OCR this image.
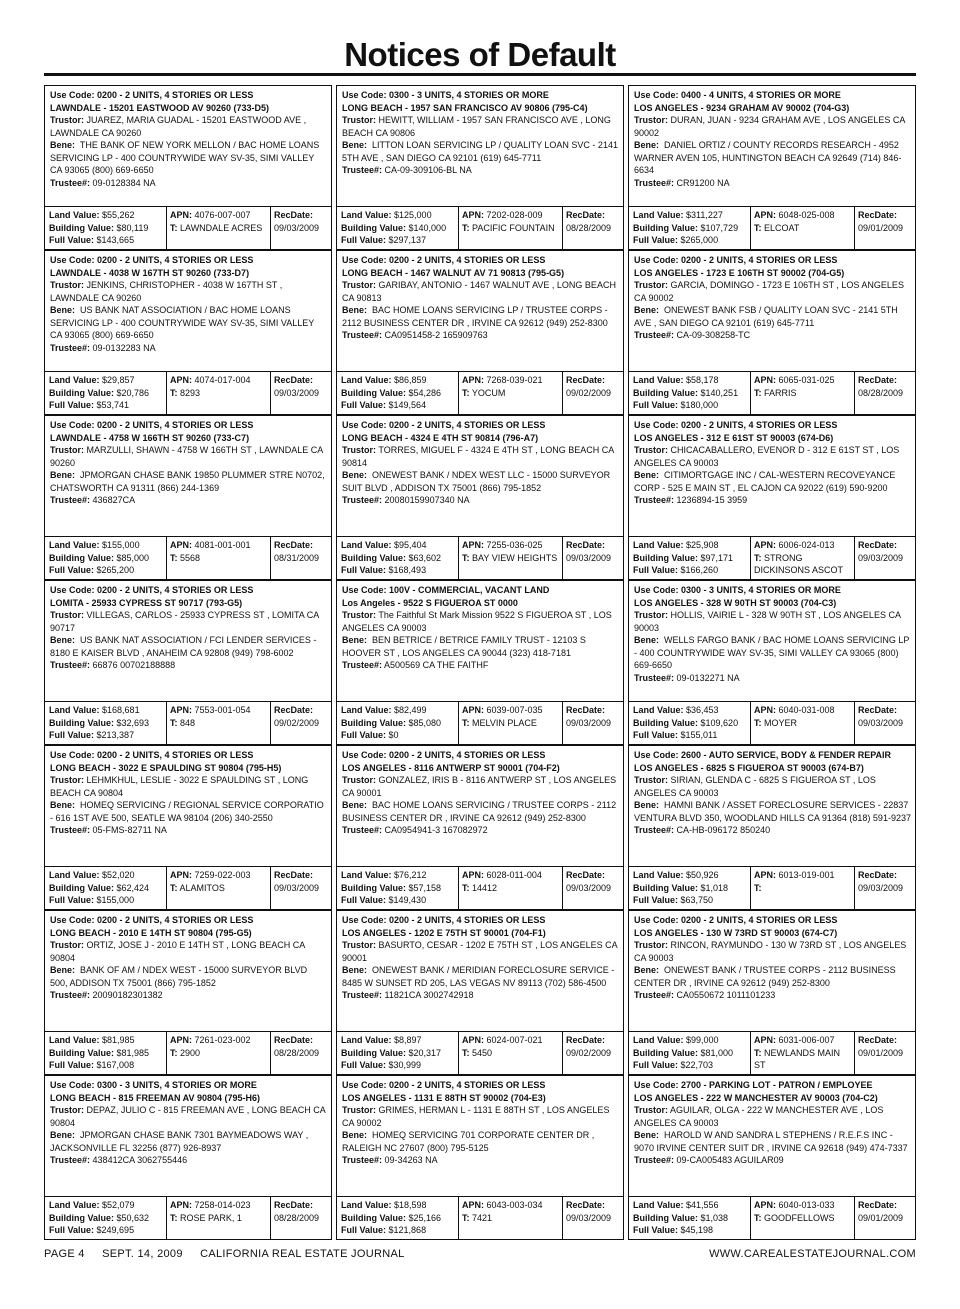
Notices of Default
Use Code: 0200 - 2 UNITS, 4 STORIES OR LESS
LAWNDALE - 15201 EASTWOOD AV 90260 (733-D5)
Trustor: JUAREZ, MARIA GUADAL - 15201 EASTWOOD AVE , LAWNDALE CA 90260
Bene: THE BANK OF NEW YORK MELLON / BAC HOME LOANS SERVICING LP - 400 COUNTRYWIDE WAY SV-35, SIMI VALLEY CA 93065 (800) 669-6650
Trustee#: 09-0128384 NA
Land Value: $55,262
Building Value: $80,119
Full Value: $143,665
APN: 4076-007-007
T: LAWNDALE ACRES
RecDate:
09/03/2009
Use Code: 0300 - 3 UNITS, 4 STORIES OR MORE
LONG BEACH - 1957 SAN FRANCISCO AV 90806 (795-C4)
Trustor: HEWITT, WILLIAM - 1957 SAN FRANCISCO AVE , LONG BEACH CA 90806
Bene: LITTON LOAN SERVICING LP / QUALITY LOAN SVC - 2141 5TH AVE , SAN DIEGO CA 92101 (619) 645-7711
Trustee#: CA-09-309106-BL NA
Land Value: $125,000
Building Value: $140,000
Full Value: $297,137
APN: 7202-028-009
T: PACIFIC FOUNTAIN
RecDate:
08/28/2009
Use Code: 0400 - 4 UNITS, 4 STORIES OR MORE
LOS ANGELES - 9234 GRAHAM AV 90002 (704-G3)
Trustor: DURAN, JUAN - 9234 GRAHAM AVE , LOS ANGELES CA 90002
Bene: DANIEL ORTIZ / COUNTY RECORDS RESEARCH - 4952 WARNER AVEN 105, HUNTINGTON BEACH CA 92649 (714) 846-6634
Trustee#: CR91200 NA
Land Value: $311,227
Building Value: $107,729
Full Value: $265,000
APN: 6048-025-008
T: ELCOAT
RecDate:
09/01/2009
Use Code: 0200 - 2 UNITS, 4 STORIES OR LESS
LAWNDALE - 4038 W 167TH ST 90260 (733-D7)
Trustor: JENKINS, CHRISTOPHER - 4038 W 167TH ST , LAWNDALE CA 90260
Bene: US BANK NAT ASSOCIATION / BAC HOME LOANS SERVICING LP - 400 COUNTRYWIDE WAY SV-35, SIMI VALLEY CA 93065 (800) 669-6650
Trustee#: 09-0132283 NA
Land Value: $29,857
Building Value: $20,786
Full Value: $53,741
APN: 4074-017-004
T: 8293
RecDate:
09/03/2009
Use Code: 0200 - 2 UNITS, 4 STORIES OR LESS
LONG BEACH - 1467 WALNUT AV 71 90813 (795-G5)
Trustor: GARIBAY, ANTONIO - 1467 WALNUT AVE , LONG BEACH CA 90813
Bene: BAC HOME LOANS SERVICING LP / TRUSTEE CORPS - 2112 BUSINESS CENTER DR , IRVINE CA 92612 (949) 252-8300
Trustee#: CA0951458-2 165909763
Land Value: $86,859
Building Value: $54,286
Full Value: $149,564
APN: 7268-039-021
T: YOCUM
RecDate:
09/02/2009
Use Code: 0200 - 2 UNITS, 4 STORIES OR LESS
LOS ANGELES - 1723 E 106TH ST 90002 (704-G5)
Trustor: GARCIA, DOMINGO - 1723 E 106TH ST , LOS ANGELES CA 90002
Bene: ONEWEST BANK FSB / QUALITY LOAN SVC - 2141 5TH AVE , SAN DIEGO CA 92101 (619) 645-7711
Trustee#: CA-09-308258-TC
Land Value: $58,178
Building Value: $140,251
Full Value: $180,000
APN: 6065-031-025
T: FARRIS
RecDate:
08/28/2009
Use Code: 0200 - 2 UNITS, 4 STORIES OR LESS
LAWNDALE - 4758 W 166TH ST 90260 (733-C7)
Trustor: MARZULLI, SHAWN - 4758 W 166TH ST , LAWNDALE CA 90260
Bene: JPMORGAN CHASE BANK 19850 PLUMMER STRE N0702, CHATSWORTH CA 91311 (866) 244-1369
Trustee#: 436827CA
Land Value: $155,000
Building Value: $85,000
Full Value: $265,200
APN: 4081-001-001
T: 5568
RecDate:
08/31/2009
Use Code: 0200 - 2 UNITS, 4 STORIES OR LESS
LONG BEACH - 4324 E 4TH ST 90814 (796-A7)
Trustor: TORRES, MIGUEL F - 4324 E 4TH ST , LONG BEACH CA 90814
Bene: ONEWEST BANK / NDEX WEST LLC - 15000 SURVEYOR SUIT BLVD , ADDISON TX 75001 (866) 795-1852
Trustee#: 20080159907340 NA
Land Value: $95,404
Building Value: $63,602
Full Value: $168,493
APN: 7255-036-025
T: BAY VIEW HEIGHTS
RecDate:
09/03/2009
Use Code: 0200 - 2 UNITS, 4 STORIES OR LESS
LOS ANGELES - 312 E 61ST ST 90003 (674-D6)
Trustor: CHICACABALLERO, EVENOR D - 312 E 61ST ST , LOS ANGELES CA 90003
Bene: CITIMORTGAGE INC / CAL-WESTERN RECOVEYANCE CORP - 525 E MAIN ST , EL CAJON CA 92022 (619) 590-9200
Trustee#: 1236894-15 3959
Land Value: $25,908
Building Value: $97,171
Full Value: $166,260
APN: 6006-024-013
T: STRONG DICKINSONS ASCOT
RecDate:
09/03/2009
Use Code: 0200 - 2 UNITS, 4 STORIES OR LESS
LOMITA - 25933 CYPRESS ST 90717 (793-G5)
Trustor: VILLEGAS, CARLOS - 25933 CYPRESS ST , LOMITA CA 90717
Bene: US BANK NAT ASSOCIATION / FCI LENDER SERVICES - 8180 E KAISER BLVD , ANAHEIM CA 92808 (949) 798-6002
Trustee#: 66876 00702188888
Land Value: $168,681
Building Value: $32,693
Full Value: $213,387
APN: 7553-001-054
T: 848
RecDate:
09/02/2009
Use Code: 100V - COMMERCIAL, VACANT LAND
Los Angeles - 9522 S FIGUEROA ST 0000
Trustor: The Faithful St Mark Mission 9522 S FIGUEROA ST , LOS ANGELES CA 90003
Bene: BEN BETRICE / BETRICE FAMILY TRUST - 12103 S HOOVER ST , LOS ANGELES CA 90044 (323) 418-7181
Trustee#: A500569 CA THE FAITHF
Land Value: $82,499
Building Value: $85,080
Full Value: $0
APN: 6039-007-035
T: MELVIN PLACE
RecDate:
09/03/2009
Use Code: 0300 - 3 UNITS, 4 STORIES OR MORE
LOS ANGELES - 328 W 90TH ST 90003 (704-C3)
Trustor: HOLLIS, VAIRIE L - 328 W 90TH ST , LOS ANGELES CA 90003
Bene: WELLS FARGO BANK / BAC HOME LOANS SERVICING LP - 400 COUNTRYWIDE WAY SV-35, SIMI VALLEY CA 93065 (800) 669-6650
Trustee#: 09-0132271 NA
Land Value: $36,453
Building Value: $109,620
Full Value: $155,011
APN: 6040-031-008
T: MOYER
RecDate:
09/03/2009
Use Code: 0200 - 2 UNITS, 4 STORIES OR LESS
LONG BEACH - 3022 E SPAULDING ST 90804 (795-H5)
Trustor: LEHMKHUL, LESLIE - 3022 E SPAULDING ST , LONG BEACH CA 90804
Bene: HOMEQ SERVICING / REGIONAL SERVICE CORPORATIO - 616 1ST AVE 500, SEATLE WA 98104 (206) 340-2550
Trustee#: 05-FMS-82711 NA
Land Value: $52,020
Building Value: $62,424
Full Value: $155,000
APN: 7259-022-003
T: ALAMITOS
RecDate:
09/03/2009
Use Code: 0200 - 2 UNITS, 4 STORIES OR LESS
LOS ANGELES - 8116 ANTWERP ST 90001 (704-F2)
Trustor: GONZALEZ, IRIS B - 8116 ANTWERP ST , LOS ANGELES CA 90001
Bene: BAC HOME LOANS SERVICING / TRUSTEE CORPS - 2112 BUSINESS CENTER DR , IRVINE CA 92612 (949) 252-8300
Trustee#: CA0954941-3 167082972
Land Value: $76,212
Building Value: $57,158
Full Value: $149,430
APN: 6028-011-004
T: 14412
RecDate:
09/03/2009
Use Code: 2600 - AUTO SERVICE, BODY & FENDER REPAIR
LOS ANGELES - 6825 S FIGUEROA ST 90003 (674-B7)
Trustor: SIRIAN, GLENDA C - 6825 S FIGUEROA ST , LOS ANGELES CA 90003
Bene: HAMNI BANK / ASSET FORECLOSURE SERVICES - 22837 VENTURA BLVD 350, WOODLAND HILLS CA 91364 (818) 591-9237
Trustee#: CA-HB-096172 850240
Land Value: $50,926
Building Value: $1,018
Full Value: $63,750
APN: 6013-019-001
T:
RecDate:
09/03/2009
Use Code: 0200 - 2 UNITS, 4 STORIES OR LESS
LONG BEACH - 2010 E 14TH ST 90804 (795-G5)
Trustor: ORTIZ, JOSE J - 2010 E 14TH ST , LONG BEACH CA 90804
Bene: BANK OF AM / NDEX WEST - 15000 SURVEYOR BLVD 500, ADDISON TX 75001 (866) 795-1852
Trustee#: 20090182301382
Land Value: $81,985
Building Value: $81,985
Full Value: $167,008
APN: 7261-023-002
T: 2900
RecDate:
08/28/2009
Use Code: 0200 - 2 UNITS, 4 STORIES OR LESS
LOS ANGELES - 1202 E 75TH ST 90001 (704-F1)
Trustor: BASURTO, CESAR - 1202 E 75TH ST , LOS ANGELES CA 90001
Bene: ONEWEST BANK / MERIDIAN FORECLOSURE SERVICE - 8485 W SUNSET RD 205, LAS VEGAS NV 89113 (702) 586-4500
Trustee#: 11821CA 3002742918
Land Value: $8,897
Building Value: $20,317
Full Value: $30,999
APN: 6024-007-021
T: 5450
RecDate:
09/02/2009
Use Code: 0200 - 2 UNITS, 4 STORIES OR LESS
LOS ANGELES - 130 W 73RD ST 90003 (674-C7)
Trustor: RINCON, RAYMUNDO - 130 W 73RD ST , LOS ANGELES CA 90003
Bene: ONEWEST BANK / TRUSTEE CORPS - 2112 BUSINESS CENTER DR , IRVINE CA 92612 (949) 252-8300
Trustee#: CA0550672 1011101233
Land Value: $99,000
Building Value: $81,000
Full Value: $22,703
APN: 6031-006-007
T: NEWLANDS MAIN ST
RecDate:
09/01/2009
Use Code: 0300 - 3 UNITS, 4 STORIES OR MORE
LONG BEACH - 815 FREEMAN AV 90804 (795-H6)
Trustor: DEPAZ, JULIO C - 815 FREEMAN AVE , LONG BEACH CA 90804
Bene: JPMORGAN CHASE BANK 7301 BAYMEADOWS WAY , JACKSONVILLE FL 32256 (877) 926-8937
Trustee#: 438412CA 3062755446
Land Value: $52,079
Building Value: $50,632
Full Value: $249,695
APN: 7258-014-023
T: ROSE PARK, 1
RecDate:
08/28/2009
Use Code: 0200 - 2 UNITS, 4 STORIES OR LESS
LOS ANGELES - 1131 E 88TH ST 90002 (704-E3)
Trustor: GRIMES, HERMAN L - 1131 E 88TH ST , LOS ANGELES CA 90002
Bene: HOMEQ SERVICING 701 CORPORATE CENTER DR , RALEIGH NC 27607 (800) 795-5125
Trustee#: 09-34263 NA
Land Value: $18,598
Building Value: $25,166
Full Value: $121,868
APN: 6043-003-034
T: 7421
RecDate:
09/03/2009
Use Code: 2700 - PARKING LOT - PATRON / EMPLOYEE
LOS ANGELES - 222 W MANCHESTER AV 90003 (704-C2)
Trustor: AGUILAR, OLGA - 222 W MANCHESTER AVE , LOS ANGELES CA 90003
Bene: HAROLD W AND SANDRA L STEPHENS / R.E.F.S INC - 9070 IRVINE CENTER SUIT DR , IRVINE CA 92618 (949) 474-7337
Trustee#: 09-CA005483 AGUILAR09
Land Value: $41,556
Building Value: $1,038
Full Value: $45,198
APN: 6040-013-033
T: GOODFELLOWS
RecDate:
09/01/2009
PAGE 4 SEPT. 14, 2009 CALIFORNIA REAL ESTATE JOURNAL	WWW.CAREALESTATEJOURNAL.COM
